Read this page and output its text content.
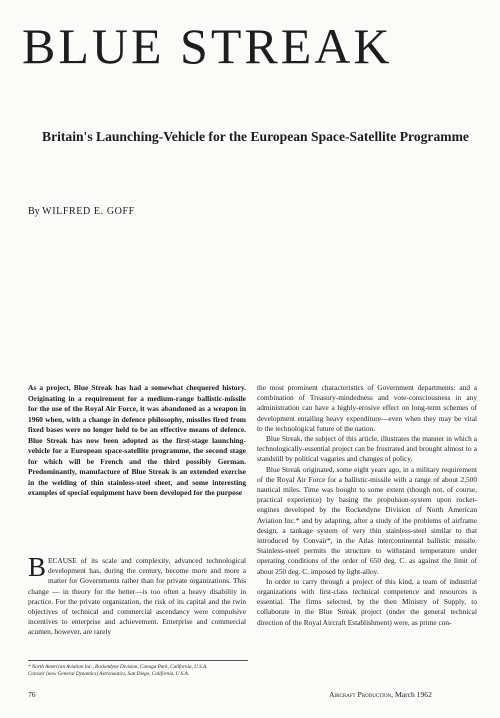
BLUE STREAK
Britain's Launching-Vehicle for the European Space-Satellite Programme
By WILFRED E. GOFF

As a project, Blue Streak has had a somewhat chequered history. Originating in a requirement for a medium-range ballistic-missile for the use of the Royal Air Force, it was abandoned as a weapon in 1960 when, with a change in defence philosophy, missiles fired from fixed bases were no longer held to be an effective means of defence. Blue Streak has now been adopted as the first-stage launching-vehicle for a European space-satellite programme, the second stage for which will be French and the third possibly German. Predominantly, manufacture of Blue Streak is an extended exercise in the welding of thin stainless-steel sheet, and some interesting examples of special equipment have been developed for the purpose

BECAUSE of its scale and complexity, advanced technological development has, during the century, become more and more a matter for Governments rather than for private organizations. This change — in theory for the better—is too often a heavy disability in practice. For the private organization, the risk of its capital and the twin objectives of technical and commercial ascendancy were compulsive incentives to enterprise and achievement. Enterprise and commercial acumen, however, are rarely

* North American Aviation Inc., Rocketdyne Division, Canoga Park, California, U.S.A.

Convair (now General Dynamics) Astronautics, San Diego, California, U.S.A.

the most prominent characteristics of Government departments: and a combination of Treasury-mindedness and vote-consciousness in any administration can have a highly-erosive effect on long-term schemes of development entailing heavy expenditure—even when they may be vital to the technological future of the nation.

Blue Streak, the subject of this article, illustrates the manner in which a technologically-essential project can be frustrated and brought almost to a standstill by political vagaries and changes of policy.

Blue Streak originated, some eight years ago, in a military requirement of the Royal Air Force for a ballistic-missile with a range of about 2,500 nautical miles. Time was bought to some extent (though not, of course, practical experience) by basing the propulsion-system upon rocket-engines developed by the Rocketdyne Division of North American Aviation Inc.* and by adapting, after a study of the problems of airframe design, a tankage system of very thin stainless-steel similar to that introduced by Convair*, in the Atlas intercontinental ballistic missile. Stainless-steel permits the structure to withstand temperature under operating conditions of the order of 650 deg. C. as against the limit of about 250 deg. C. imposed by light-alloy.

In order to carry through a project of this kind, a team of industrial organizations with first-class technical competence and resources is essential. The firms selected, by the then Ministry of Supply, to collaborate in the Blue Streak project (under the general technical direction of the Royal Aircraft Establishment) were, as prime con-

76	Aircraft Production, March 1962
